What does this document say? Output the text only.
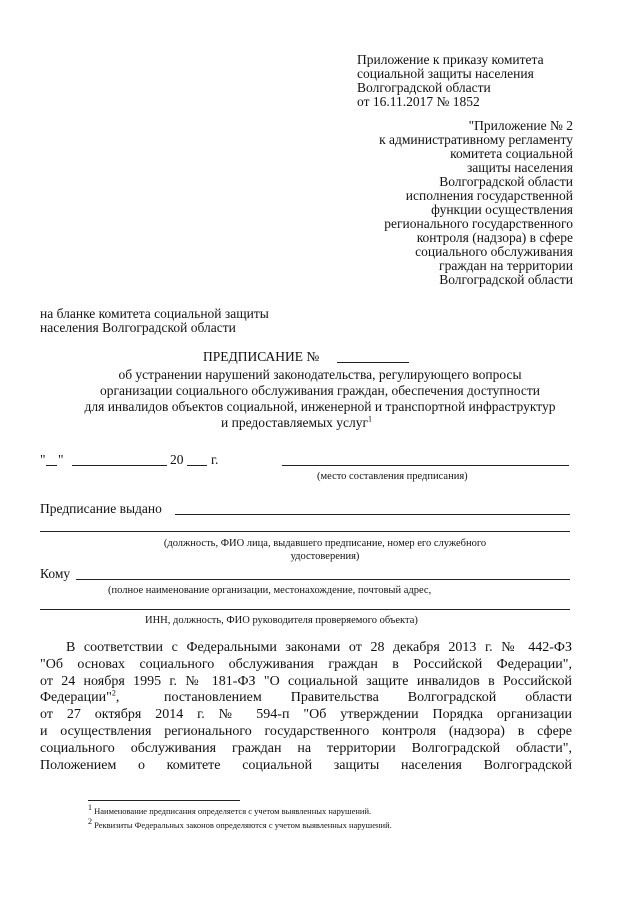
Приложение к приказу комитета
социальной защиты населения
Волгоградской области
от 16.11.2017 № 1852
"Приложение № 2
к административному регламенту
комитета социальной
защиты населения
Волгоградской области
исполнения государственной
функции осуществления
регионального государственного
контроля (надзора) в сфере
социального обслуживания
граждан на территории
Волгоградской области
на бланке комитета социальной защиты
населения Волгоградской области
ПРЕДПИСАНИЕ №
об устранении нарушений законодательства, регулирующего вопросы
организации социального обслуживания граждан, обеспечения доступности
для инвалидов объектов социальной, инженерной и транспортной инфраструктур
и предоставляемых услуг$^1$
" "	20 г.
(место составления предписания)
Предписание выдано
(должность, ФИО лица, выдавшего предписание, номер его служебного
удостоверения)
Кому
(полное наименование организации, местонахождение, почтовый адрес,
ИНН, должность, ФИО руководителя проверяемого объекта)
В соответствии с Федеральными законами от 28 декабря 2013 г. № 442-ФЗ
"Об основах социального обслуживания граждан в Российской Федерации",
от 24 ноября 1995 г. № 181-ФЗ "О социальной защите инвалидов в Российской
Федерации"$^2$,	постановлением Правительства Волгоградской области
от 27 октября 2014 г. № 594-п "Об утверждении Порядка организации
и осуществления регионального государственного контроля (надзора) в сфере
социального обслуживания граждан на территории Волгоградской области",
Положением о комитете социальной защиты населения Волгоградской
$^1$ Наименование предписания определяется с учетом выявленных нарушений.
$^2$ Реквизиты Федеральных законов определяются с учетом выявленных нарушений.
